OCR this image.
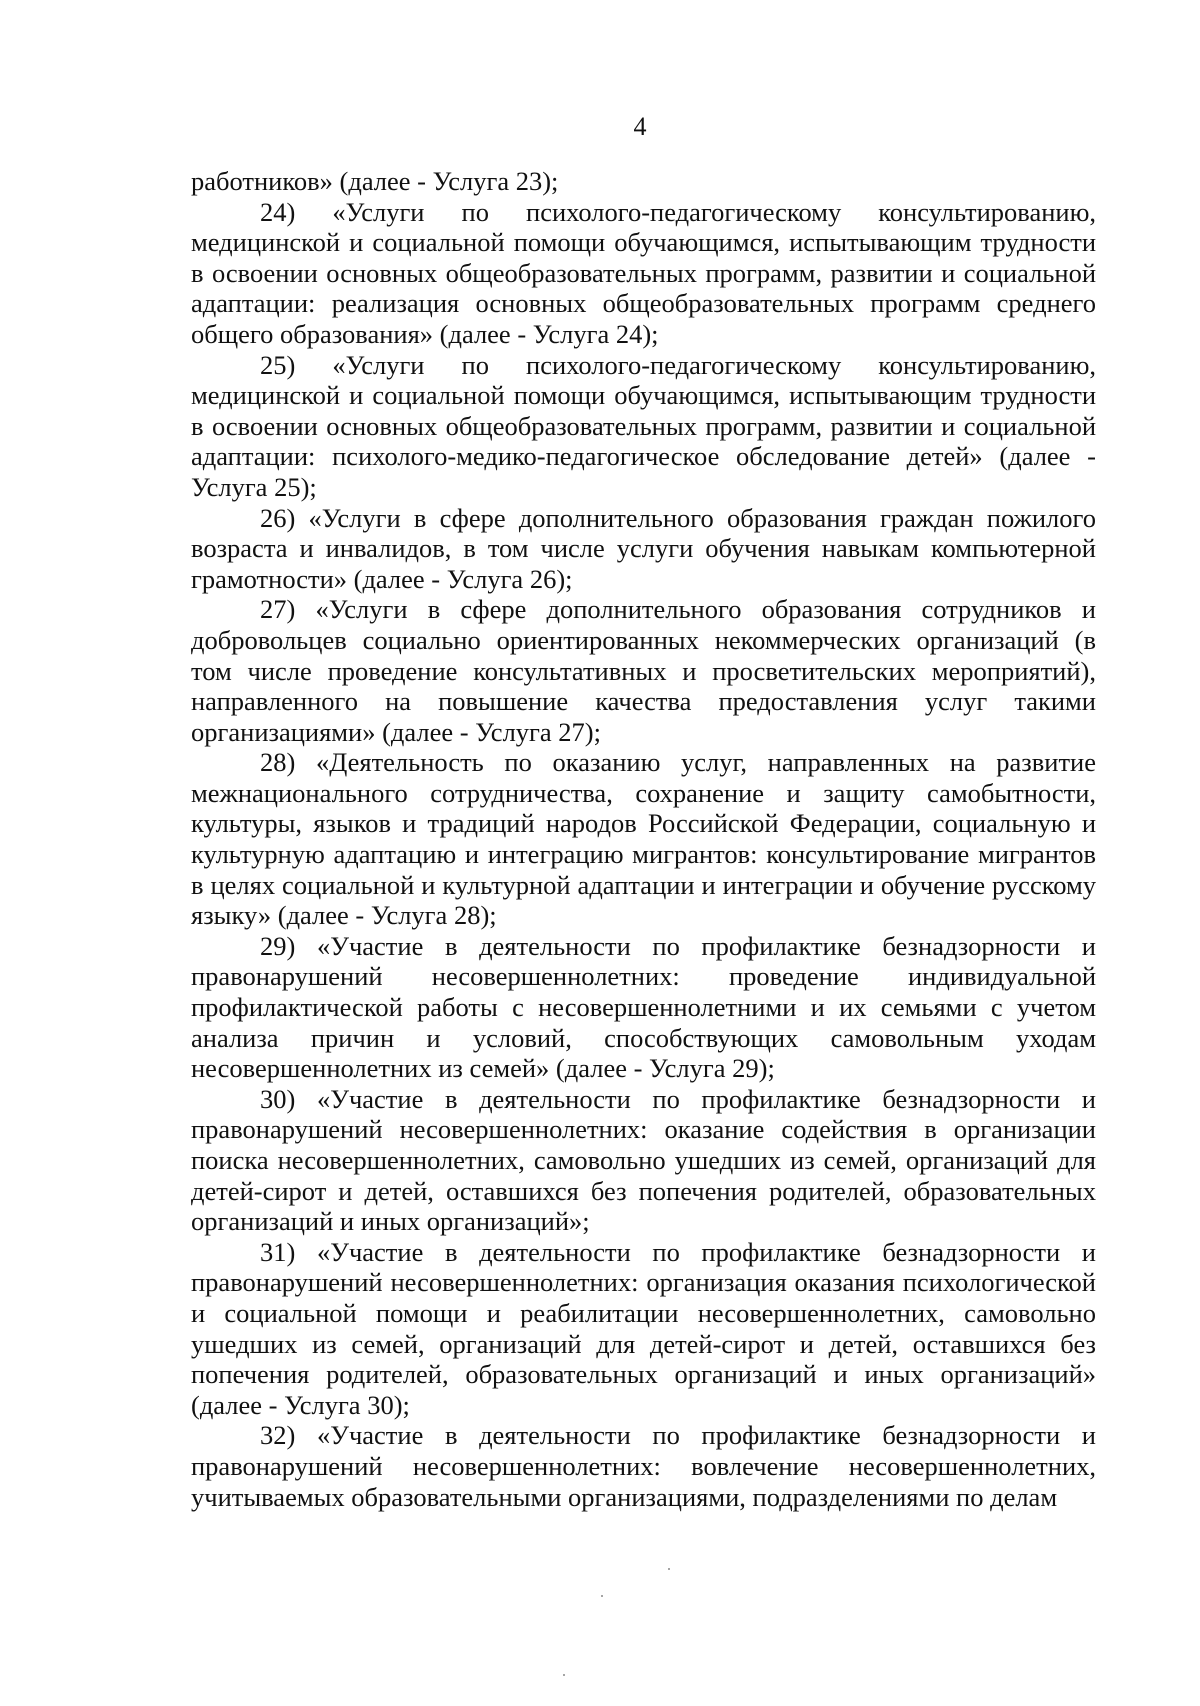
4

работников» (далее - Услуга 23);

24) «Услуги по психолого-педагогическому консультированию, медицинской и социальной помощи обучающимся, испытывающим трудности в освоении основных общеобразовательных программ, развитии и социальной адаптации: реализация основных общеобразовательных программ среднего общего образования» (далее - Услуга 24);

25) «Услуги по психолого-педагогическому консультированию, медицинской и социальной помощи обучающимся, испытывающим трудности в освоении основных общеобразовательных программ, развитии и социальной адаптации: психолого-медико-педагогическое обследование детей» (далее - Услуга 25);

26) «Услуги в сфере дополнительного образования граждан пожилого возраста и инвалидов, в том числе услуги обучения навыкам компьютерной грамотности» (далее - Услуга 26);

27) «Услуги в сфере дополнительного образования сотрудников и добровольцев социально ориентированных некоммерческих организаций (в том числе проведение консультативных и просветительских мероприятий), направленного на повышение качества предоставления услуг такими организациями» (далее - Услуга 27);

28) «Деятельность по оказанию услуг, направленных на развитие межнационального сотрудничества, сохранение и защиту самобытности, культуры, языков и традиций народов Российской Федерации, социальную и культурную адаптацию и интеграцию мигрантов: консультирование мигрантов в целях социальной и культурной адаптации и интеграции и обучение русскому языку» (далее - Услуга 28);

29) «Участие в деятельности по профилактике безнадзорности и правонарушений несовершеннолетних: проведение индивидуальной профилактической работы с несовершеннолетними и их семьями с учетом анализа причин и условий, способствующих самовольным уходам несовершеннолетних из семей» (далее - Услуга 29);

30) «Участие в деятельности по профилактике безнадзорности и правонарушений несовершеннолетних: оказание содействия в организации поиска несовершеннолетних, самовольно ушедших из семей, организаций для детей-сирот и детей, оставшихся без попечения родителей, образовательных организаций и иных организаций»;

31) «Участие в деятельности по профилактике безнадзорности и правонарушений несовершеннолетних: организация оказания психологической и социальной помощи и реабилитации несовершеннолетних, самовольно ушедших из семей, организаций для детей-сирот и детей, оставшихся без попечения родителей, образовательных организаций и иных организаций» (далее - Услуга 30);

32) «Участие в деятельности по профилактике безнадзорности и правонарушений несовершеннолетних: вовлечение несовершеннолетних, учитываемых образовательными организациями, подразделениями по делам
